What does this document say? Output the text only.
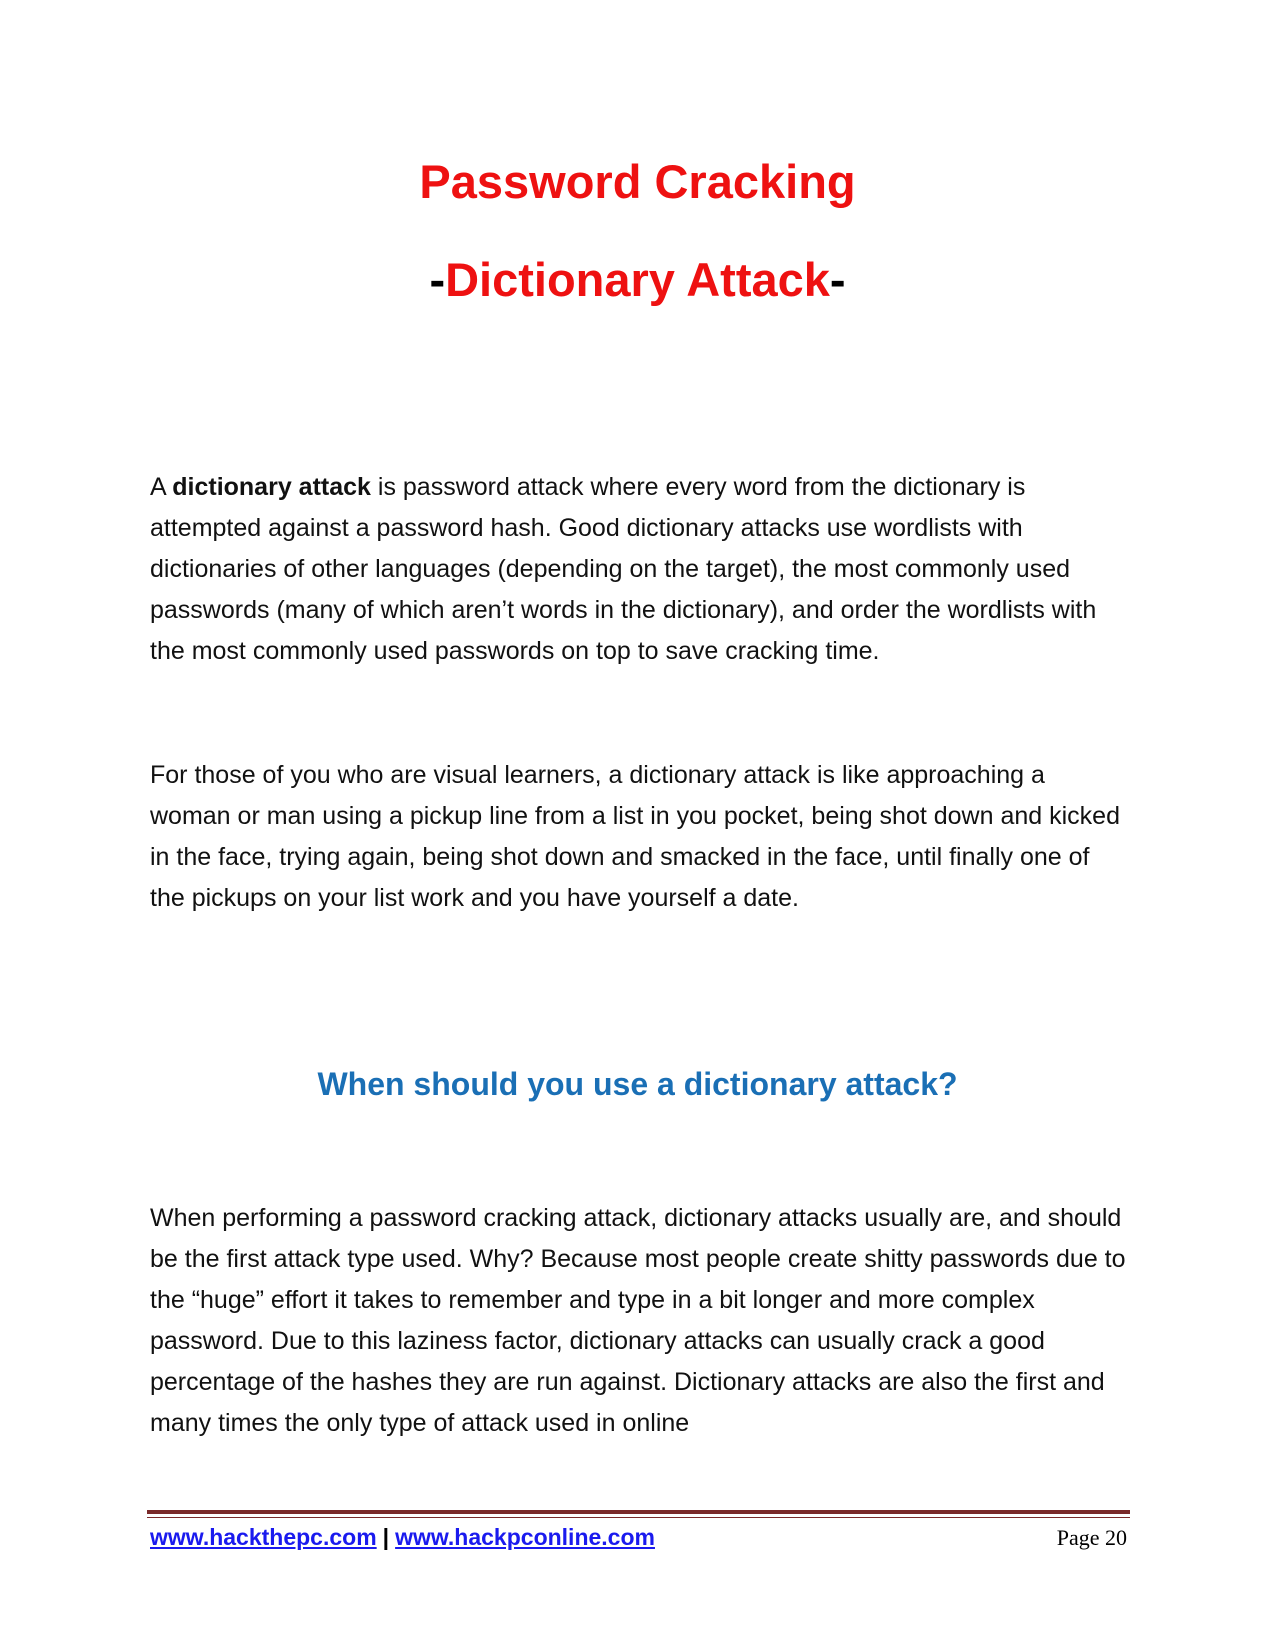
Password Cracking
-Dictionary Attack-

A dictionary attack is password attack where every word from the dictionary is attempted against a password hash. Good dictionary attacks use wordlists with dictionaries of other languages (depending on the target), the most commonly used passwords (many of which aren’t words in the dictionary), and order the wordlists with the most commonly used passwords on top to save cracking time.

For those of you who are visual learners, a dictionary attack is like approaching a woman or man using a pickup line from a list in you pocket, being shot down and kicked in the face, trying again, being shot down and smacked in the face, until finally one of the pickups on your list work and you have yourself a date.

When should you use a dictionary attack?

When performing a password cracking attack, dictionary attacks usually are, and should be the first attack type used. Why? Because most people create shitty passwords due to the “huge” effort it takes to remember and type in a bit longer and more complex password. Due to this laziness factor, dictionary attacks can usually crack a good percentage of the hashes they are run against. Dictionary attacks are also the first and many times the only type of attack used in online

www.hackthepc.com | www.hackpconline.com	Page 20
